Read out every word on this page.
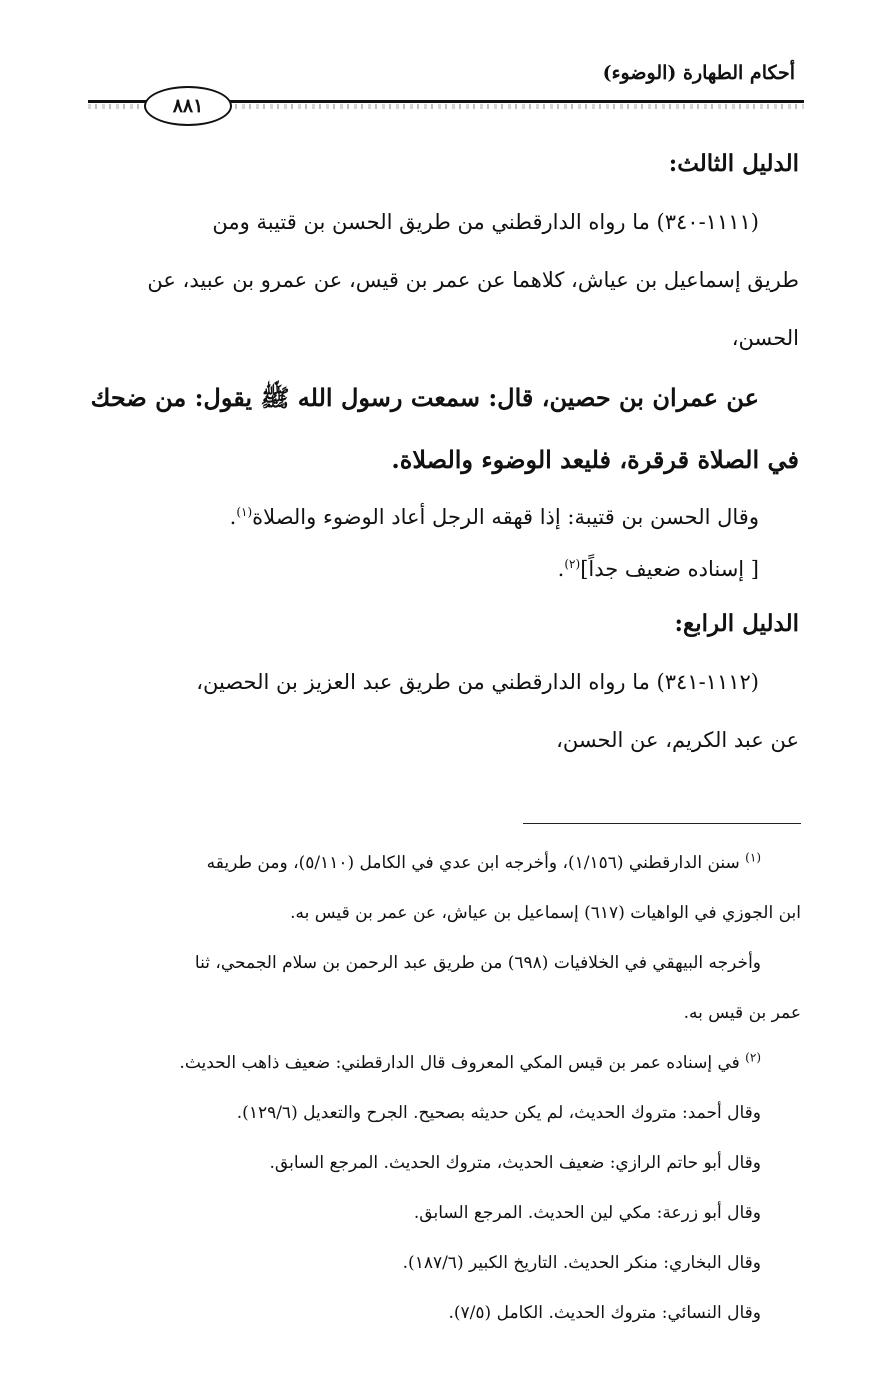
أحكام الطهارة (الوضوء)
٨٨١

الدليل الثالث:

(١١١١-٣٤٠) ما رواه الدارقطني من طريق الحسن بن قتيبة ومن

طريق إسماعيل بن عياش، كلاهما عن عمر بن قيس، عن عمرو بن عبيد، عن

الحسن،

عن عمران بن حصين، قال: سمعت رسول الله ﷺ يقول: من ضحك

في الصلاة قرقرة، فليعد الوضوء والصلاة.

وقال الحسن بن قتيبة: إذا قهقه الرجل أعاد الوضوء والصلاة$^{(١)}$.

[ إسناده ضعيف جداً]$^{(٢)}$.

الدليل الرابع:

(١١١٢-٣٤١) ما رواه الدارقطني من طريق عبد العزيز بن الحصين،

عن عبد الكريم، عن الحسن،

$^{(١)}$ سنن الدارقطني (١/١٥٦)، وأخرجه ابن عدي في الكامل (٥/١١٠)، ومن طريقه

ابن الجوزي في الواهيات (٦١٧) إسماعيل بن عياش، عن عمر بن قيس به.

وأخرجه البيهقي في الخلافيات (٦٩٨) من طريق عبد الرحمن بن سلام الجمحي، ثنا

عمر بن قيس به.

$^{(٢)}$ في إسناده عمر بن قيس المكي المعروف قال الدارقطني: ضعيف ذاهب الحديث.

وقال أحمد: متروك الحديث، لم يكن حديثه بصحيح. الجرح والتعديل (١٢٩/٦).

وقال أبو حاتم الرازي: ضعيف الحديث، متروك الحديث. المرجع السابق.

وقال أبو زرعة: مكي لين الحديث. المرجع السابق.

وقال البخاري: منكر الحديث. التاريخ الكبير (١٨٧/٦).

وقال النسائي: متروك الحديث. الكامل (٧/٥).
